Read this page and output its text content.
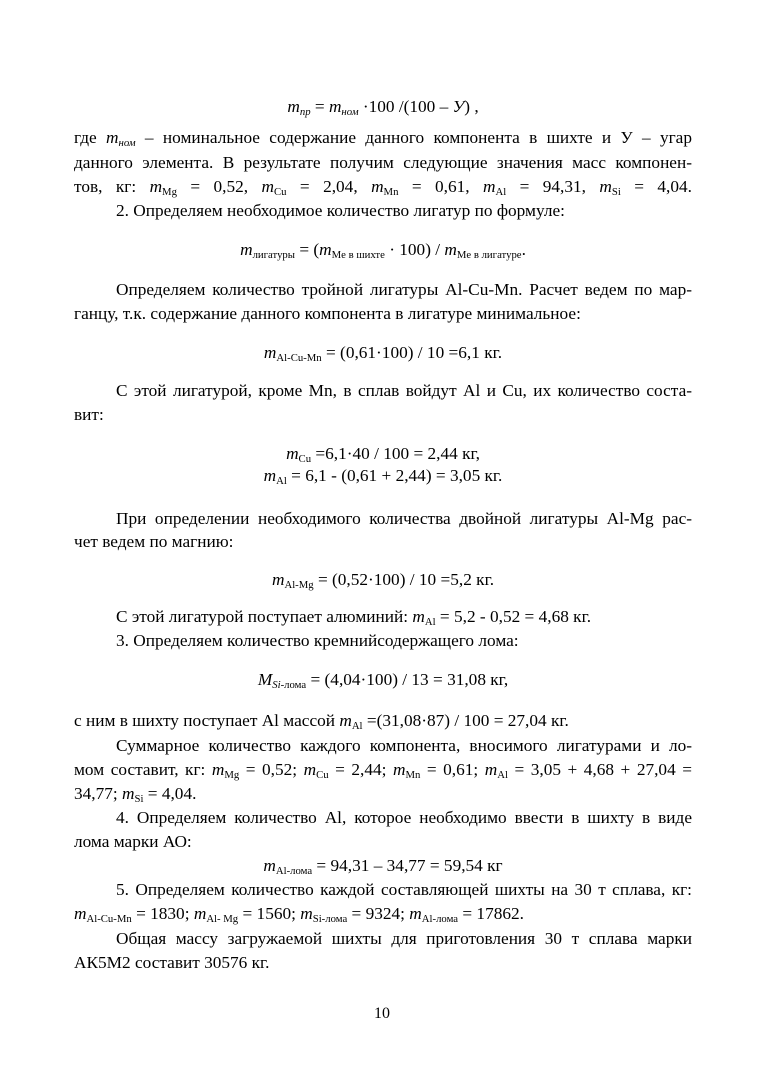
$m_{пр} = m_{ном} \cdot 100$ /(100 – У) ,
где $m_{ном}$ – номинальное содержание данного компонента в шихте и У – угар
данного элемента. В результате получим следующие значения масс компонен-
тов, кг: $m_{Mg} = 0,52$, $m_{Cu} = 2,04$, $m_{Mn} = 0,61$, $m_{Al} = 94,31$, $m_{Si} = 4,04$.
2. Определяем необходимое количество лигатур по формуле:
$m_{лигатуры} = (m_{Me в шихте} \cdot 100) / m_{Me в лигатуре}$.
Определяем количество тройной лигатуры Al-Cu-Mn. Расчет ведем по мар-
ганцу, т.к. содержание данного компонента в лигатуре минимальное:
$m_{Al-Cu-Mn} = (0,61\cdot 100) / 10 =6,1$ кг.
С этой лигатурой, кроме Mn, в сплав войдут Al и Cu, их количество соста-
вит:
$m_{Cu} =6,1\cdot 40 / 100 = 2,44$ кг,
$m_{Al} = 6,1 - (0,61 + 2,44) = 3,05$ кг.
При определении необходимого количества двойной лигатуры Al-Mg рас-
чет ведем по магнию:
$m_{Al-Mg} = (0,52\cdot 100) / 10 =5,2$ кг.
С этой лигатурой поступает алюминий: $m_{Al} = 5,2 - 0,52 = 4,68$ кг.
3. Определяем количество кремнийсодержащего лома:
$M_{Si-лома} = (4,04\cdot 100) / 13 = 31,08$ кг,
с ним в шихту поступает Al массой $m_{Al} =(31,08\cdot 87) / 100 = 27,04$ кг.
Суммарное количество каждого компонента, вносимого лигатурами и ло-
мом составит, кг: $m_{Mg} = 0,52$; $m_{Cu} = 2,44$; $m_{Mn} = 0,61$; $m_{Al} = 3,05 + 4,68 + 27,04$ =
34,77; $m_{Si} = 4,04$.
4. Определяем количество Al, которое необходимо ввести в шихту в виде
лома марки АО:
$m_{Al-лома} = 94,31 - 34,77 = 59,54$ кг
5. Определяем количество каждой составляющей шихты на 30 т сплава, кг:
$m_{Al-Cu-Mn} = 1830$; $m_{Al- Mg} = 1560$; $m_{Si-лома} = 9324$; $m_{Al-лома} = 17862$.
Общая массу загружаемой шихты для приготовления 30 т сплава марки
АК5М2 составит 30576 кг.
10
